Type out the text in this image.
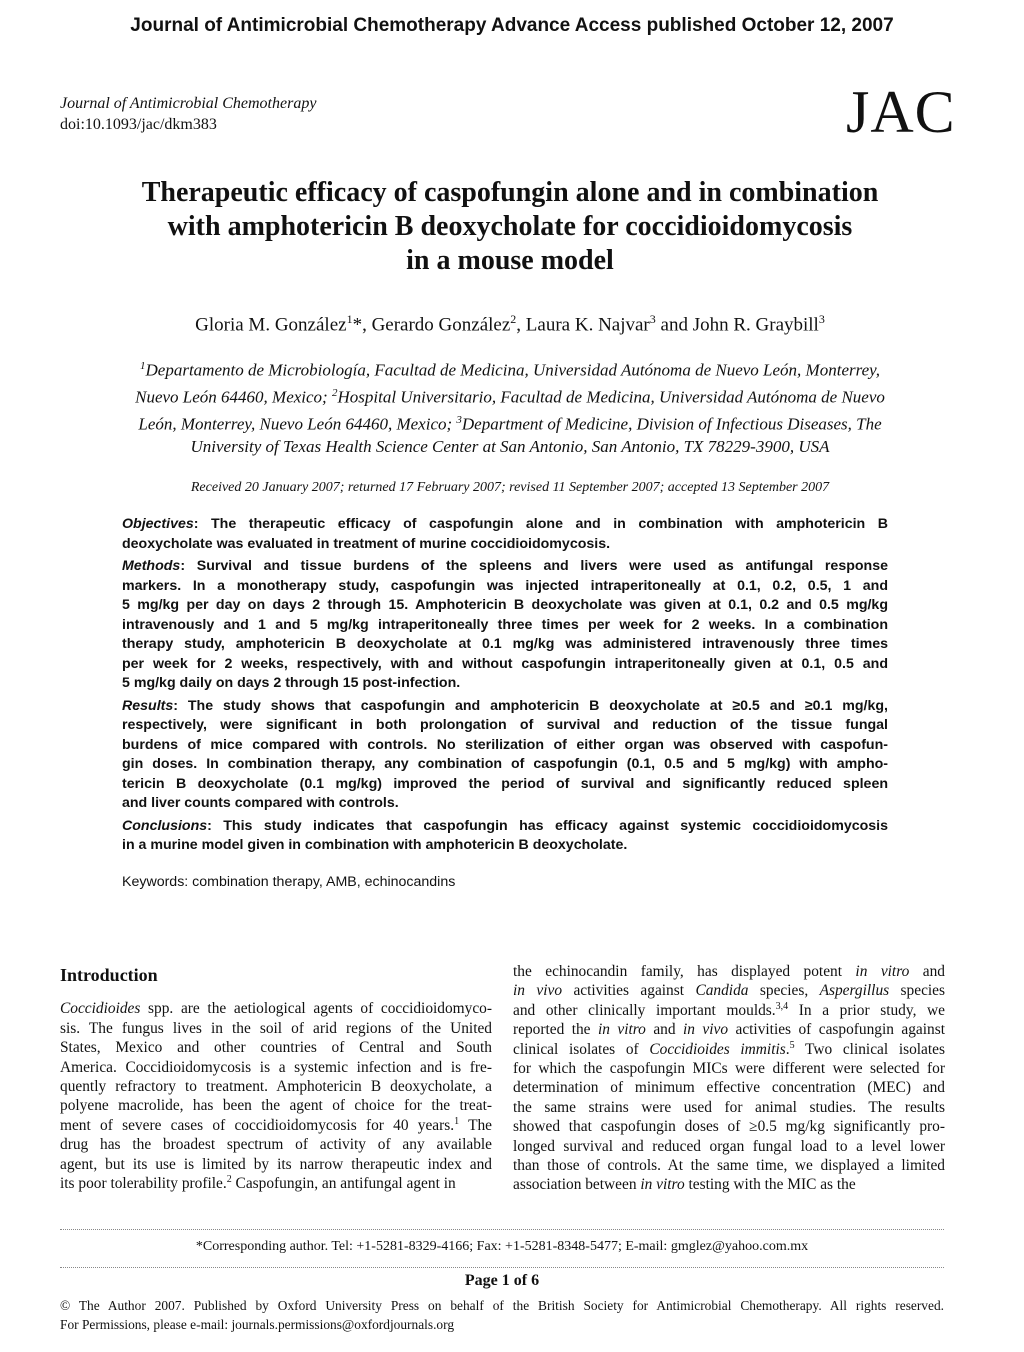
Journal of Antimicrobial Chemotherapy Advance Access published October 12, 2007
Journal of Antimicrobial Chemotherapy
doi:10.1093/jac/dkm383	JAC
Therapeutic efficacy of caspofungin alone and in combination
with amphotericin B deoxycholate for coccidioidomycosis
in a mouse model
Gloria M. González$^1$*, Gerardo González$^2$, Laura K. Najvar$^3$ and John R. Graybill$^3$
$^1$Departamento de Microbiología, Facultad de Medicina, Universidad Autónoma de Nuevo León, Monterrey,
Nuevo León 64460, Mexico; $^2$Hospital Universitario, Facultad de Medicina, Universidad Autónoma de Nuevo
León, Monterrey, Nuevo León 64460, Mexico; $^3$Department of Medicine, Division of Infectious Diseases, The
University of Texas Health Science Center at San Antonio, San Antonio, TX 78229-3900, USA
Received 20 January 2007; returned 17 February 2007; revised 11 September 2007; accepted 13 September 2007

Objectives: The therapeutic efficacy of caspofungin alone and in combination with amphotericin B
deoxycholate was evaluated in treatment of murine coccidioidomycosis.

Methods: Survival and tissue burdens of the spleens and livers were used as antifungal response
markers. In a monotherapy study, caspofungin was injected intraperitoneally at 0.1, 0.2, 0.5, 1 and
5 mg/kg per day on days 2 through 15. Amphotericin B deoxycholate was given at 0.1, 0.2 and 0.5 mg/kg
intravenously and 1 and 5 mg/kg intraperitoneally three times per week for 2 weeks. In a combination
therapy study, amphotericin B deoxycholate at 0.1 mg/kg was administered intravenously three times
per week for 2 weeks, respectively, with and without caspofungin intraperitoneally given at 0.1, 0.5 and
5 mg/kg daily on days 2 through 15 post-infection.

Results: The study shows that caspofungin and amphotericin B deoxycholate at ≥0.5 and ≥0.1 mg/kg,
respectively, were significant in both prolongation of survival and reduction of the tissue fungal
burdens of mice compared with controls. No sterilization of either organ was observed with caspofun-
gin doses. In combination therapy, any combination of caspofungin (0.1, 0.5 and 5 mg/kg) with ampho-
tericin B deoxycholate (0.1 mg/kg) improved the period of survival and significantly reduced spleen
and liver counts compared with controls.

Conclusions: This study indicates that caspofungin has efficacy against systemic coccidioidomycosis
in a murine model given in combination with amphotericin B deoxycholate.

Keywords: combination therapy, AMB, echinocandins
Introduction
Coccidioides spp. are the aetiological agents of coccidioidomyco-
sis. The fungus lives in the soil of arid regions of the United
States, Mexico and other countries of Central and South
America. Coccidioidomycosis is a systemic infection and is fre-
quently refractory to treatment. Amphotericin B deoxycholate, a
polyene macrolide, has been the agent of choice for the treat-
ment of severe cases of coccidioidomycosis for 40 years.$^1$ The
drug has the broadest spectrum of activity of any available
agent, but its use is limited by its narrow therapeutic index and
its poor tolerability profile.$^2$ Caspofungin, an antifungal agent in
the echinocandin family, has displayed potent in vitro and
in vivo activities against Candida species, Aspergillus species
and other clinically important moulds.$^{3,4}$ In a prior study, we
reported the in vitro and in vivo activities of caspofungin against
clinical isolates of Coccidioides immitis.$^5$ Two clinical isolates
for which the caspofungin MICs were different were selected for
determination of minimum effective concentration (MEC) and
the same strains were used for animal studies. The results
showed that caspofungin doses of ≥0.5 mg/kg significantly pro-
longed survival and reduced organ fungal load to a level lower
than those of controls. At the same time, we displayed a limited
association between in vitro testing with the MIC as the
*Corresponding author. Tel: +1-5281-8329-4166; Fax: +1-5281-8348-5477; E-mail: gmglez@yahoo.com.mx
Page 1 of 6
© The Author 2007. Published by Oxford University Press on behalf of the British Society for Antimicrobial Chemotherapy. All rights reserved.
For Permissions, please e-mail: journals.permissions@oxfordjournals.org
